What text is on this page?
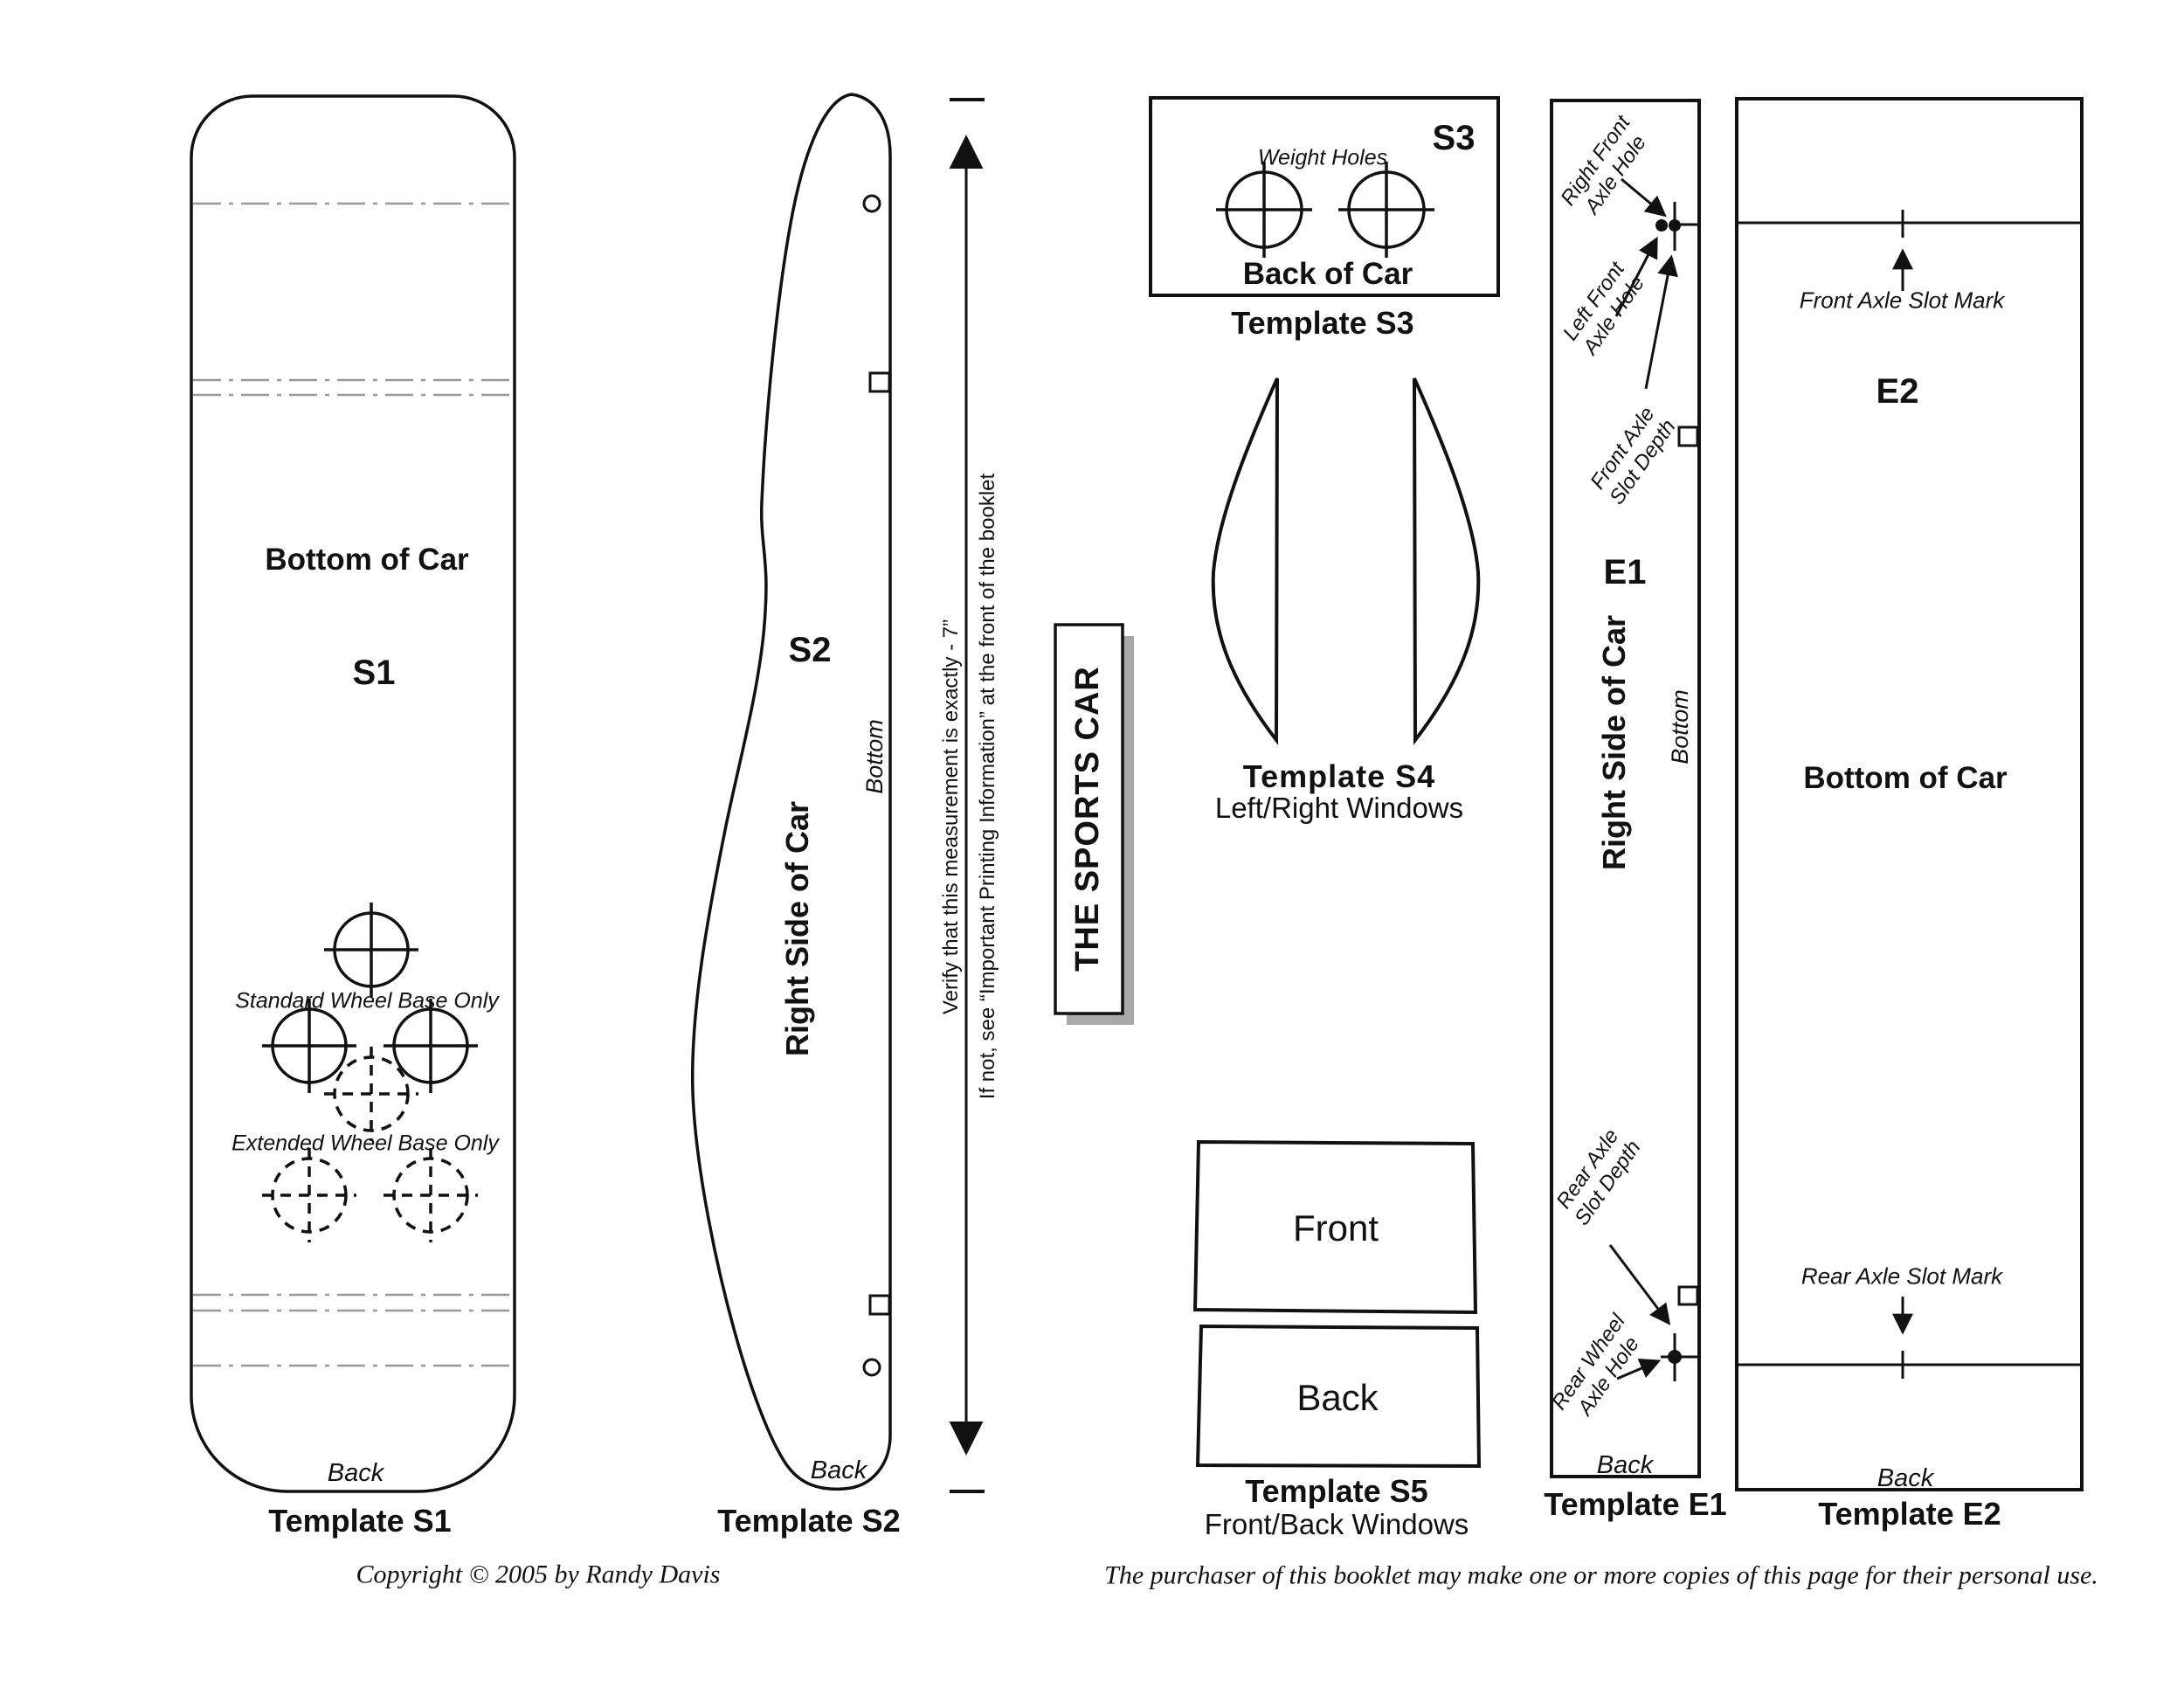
Bottom of Car
S1
Standard Wheel Base Only
Extended Wheel Base Only
Back
Template S1
S2
Bottom
Right Side of Car
Back
Template S2
Verify that this measurement is exactly - 7” If not, see “Important Printing Information” at the front of the booklet THE SPORTS CAR
S3
Weight Holes
Back of Car
Template S3
Template S4
Left/Right Windows
Front
Back
Template S5
Front/Back Windows
Right Front
Axle Hole
Left Front
Axle Hole
Front Axle
Slot Depth
E1
Right Side of Car Bottom
Rear Axle
Slot Depth
Rear Wheel
Axle Hole
Back
Template E1
Front Axle Slot Mark
E2
Bottom of Car
Rear Axle Slot Mark
Back
Template E2
Copyright © 2005 by Randy Davis	The purchaser of this booklet may make one or more copies of this page for their personal use.
